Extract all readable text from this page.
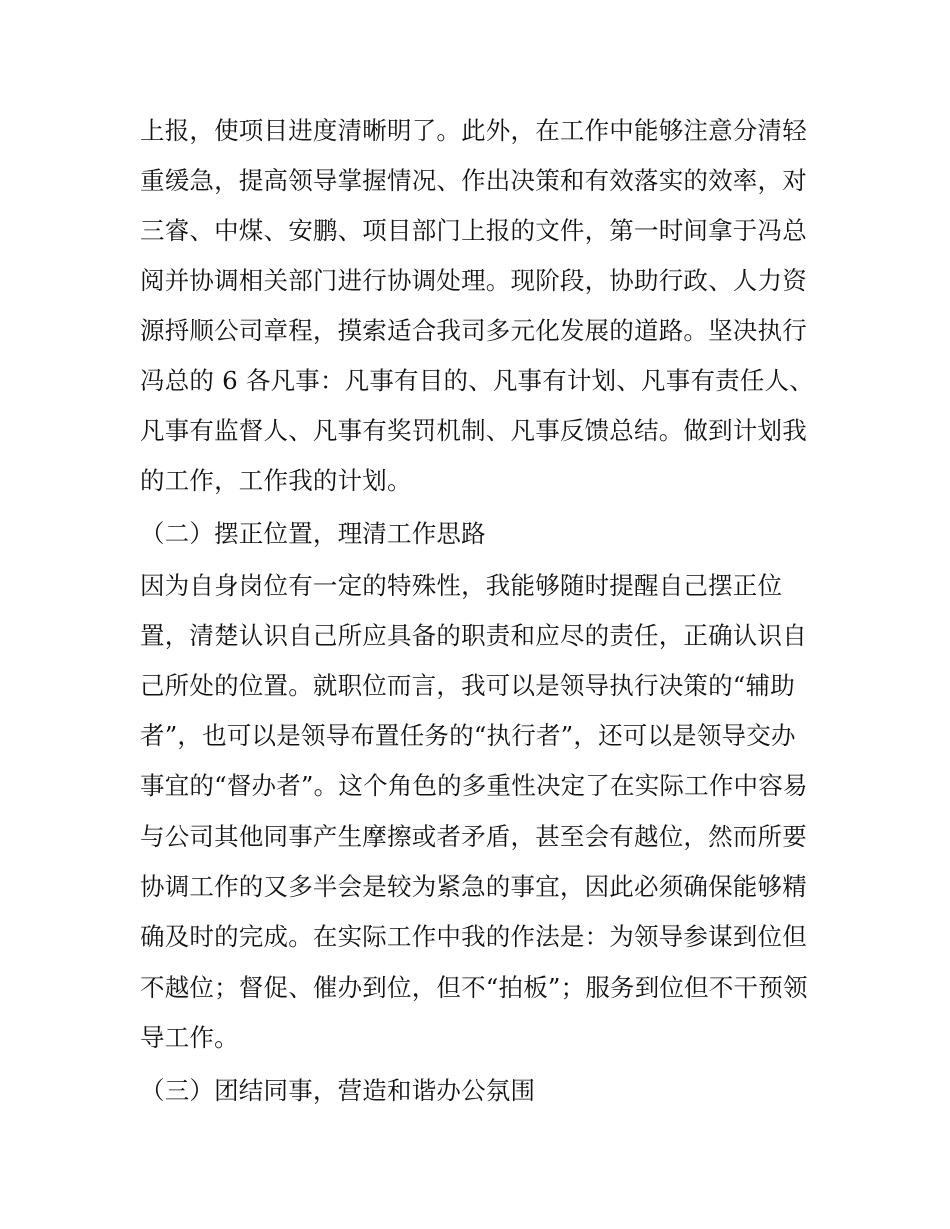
上报，使项目进度清晰明了。此外，在工作中能够注意分清轻
重缓急，提高领导掌握情况、作出决策和有效落实的效率，对
三睿、中煤、安鹏、项目部门上报的文件，第一时间拿于冯总
阅并协调相关部门进行协调处理。现阶段，协助行政、人力资
源捋顺公司章程，摸索适合我司多元化发展的道路。坚决执行
冯总的 6 各凡事：凡事有目的、凡事有计划、凡事有责任人、
凡事有监督人、凡事有奖罚机制、凡事反馈总结。做到计划我
的工作，工作我的计划。
（二）摆正位置，理清工作思路
因为自身岗位有一定的特殊性，我能够随时提醒自己摆正位
置，清楚认识自己所应具备的职责和应尽的责任，正确认识自
己所处的位置。就职位而言，我可以是领导执行决策的“辅助
者”，也可以是领导布置任务的“执行者”，还可以是领导交办
事宜的“督办者”。这个角色的多重性决定了在实际工作中容易
与公司其他同事产生摩擦或者矛盾，甚至会有越位，然而所要
协调工作的又多半会是较为紧急的事宜，因此必须确保能够精
确及时的完成。在实际工作中我的作法是：为领导参谋到位但
不越位；督促、催办到位，但不“拍板”；服务到位但不干预领
导工作。
（三）团结同事，营造和谐办公氛围
